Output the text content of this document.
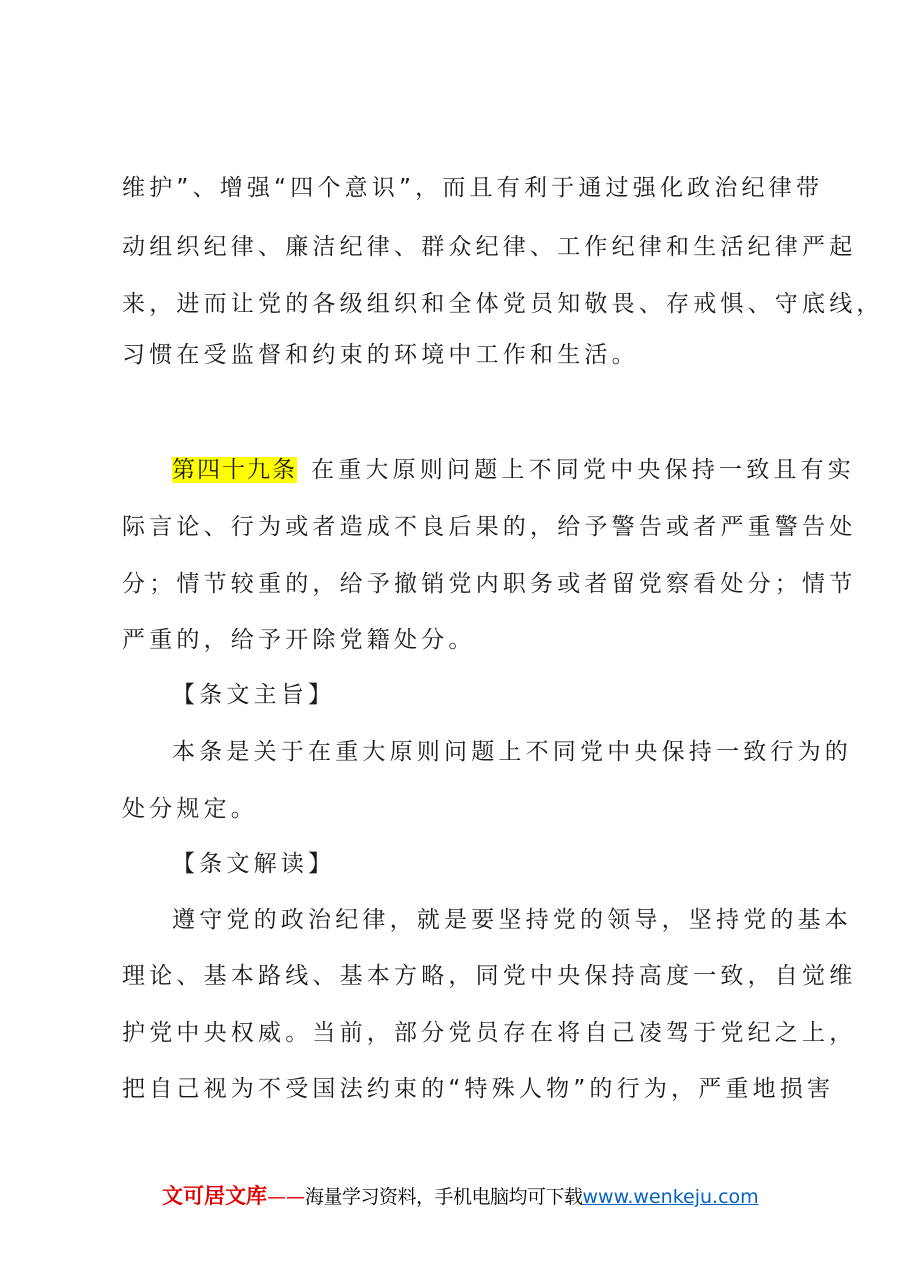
维护”、增强“四个意识”，而且有利于通过强化政治纪律带
动组织纪律、廉洁纪律、群众纪律、工作纪律和生活纪律严起
来，进而让党的各级组织和全体党员知敬畏、存戒惧、守底线，
习惯在受监督和约束的环境中工作和生活。
第四十九条 在重大原则问题上不同党中央保持一致且有实
际言论、行为或者造成不良后果的，给予警告或者严重警告处
分；情节较重的，给予撤销党内职务或者留党察看处分；情节
严重的，给予开除党籍处分。
【条文主旨】
本条是关于在重大原则问题上不同党中央保持一致行为的
处分规定。
【条文解读】
遵守党的政治纪律，就是要坚持党的领导，坚持党的基本
理论、基本路线、基本方略，同党中央保持高度一致，自觉维
护党中央权威。当前，部分党员存在将自己凌驾于党纪之上，
把自己视为不受国法约束的“特殊人物”的行为，严重地损害
文可居文库——海量学习资料，手机电脑均可下载www.wenkeju.com
